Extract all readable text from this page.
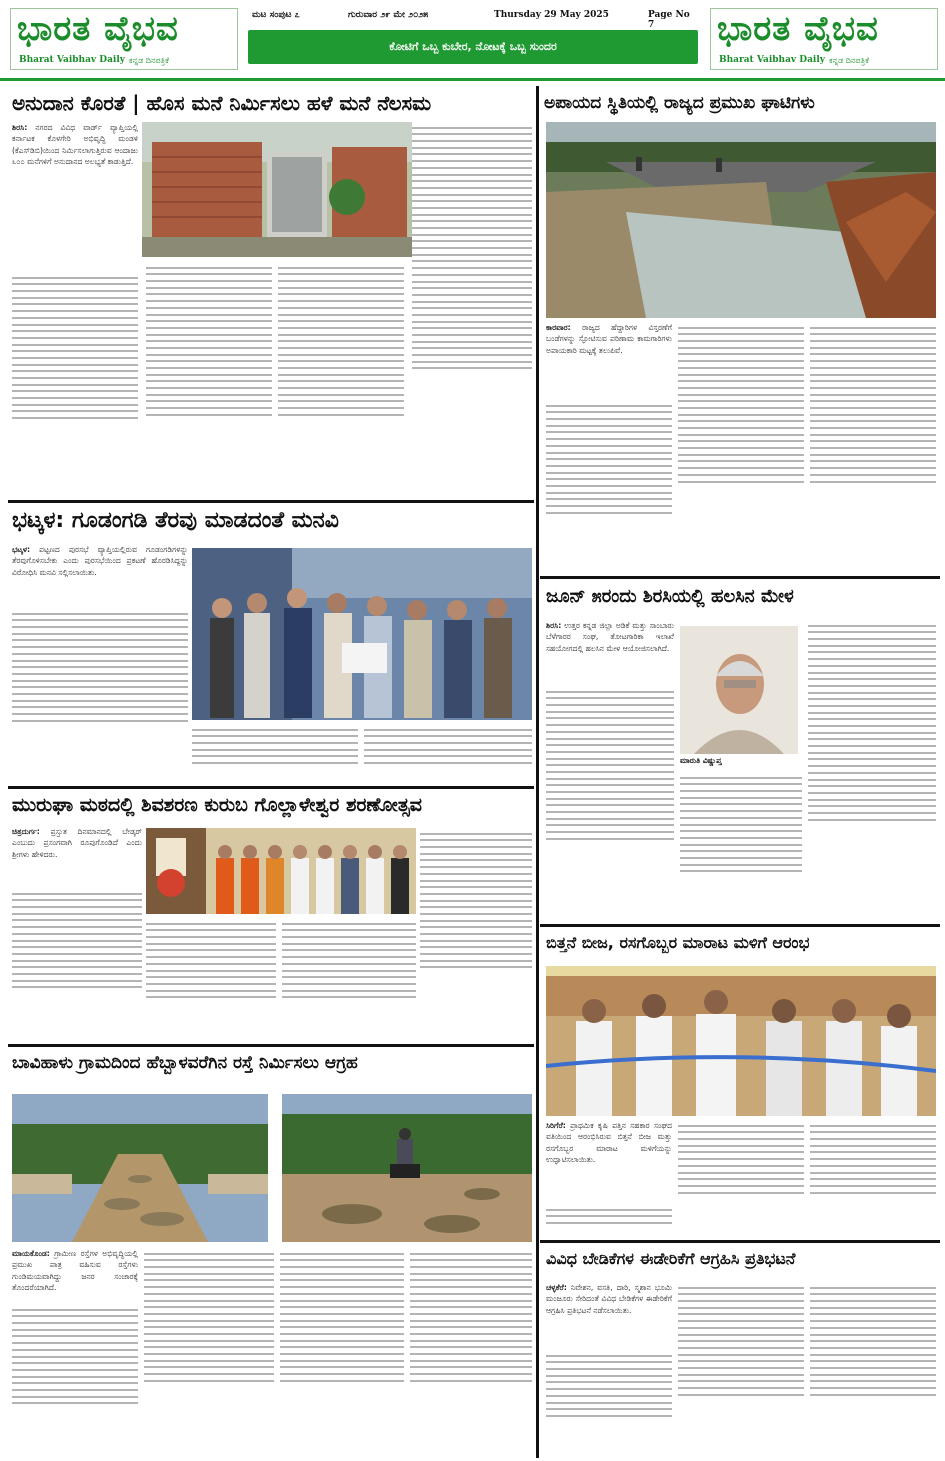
ಭಾರತ ವೈಭವ
Bharat Vaibhav Daily ಕನ್ನಡ ದಿನಪತ್ರಿಕೆ
ಮಟ ಸಂಪುಟ ೭	ಗುರುವಾರ ೨೯ ಮೇ ೨೦೨೫	Thursday 29 May 2025	Page No 7
ಕೋಟಿಗೆ ಒಬ್ಬ ಕುಬೇರ, ನೋಟಕ್ಕೆ ಒಬ್ಬ ಸುಂದರ	ಭಾರತ ವೈಭವ
Bharat Vaibhav Daily ಕನ್ನಡ ದಿನಪತ್ರಿಕೆ
ಅನುದಾನ ಕೊರತೆ | ಹೊಸ ಮನೆ ನಿರ್ಮಿಸಲು ಹಳೆ ಮನೆ ನೆಲಸಮ
ಶಿರಸಿ: ನಗರದ ವಿವಿಧ ವಾರ್ಡ್ ವ್ಯಾಪ್ತಿಯಲ್ಲಿ ಕರ್ನಾಟಕ ಕೊಳಗೇರಿ ಅಭಿವೃದ್ಧಿ ಮಂಡಳಿ (ಕೆಎಸ್‌ಡಿಬಿ)ಯಿಂದ ನಿರ್ಮಿಸಲಾಗುತ್ತಿರುವ ಆಂದಾಜು ೬೦೦ ಮನೆಗಳಿಗೆ ಅನುದಾನದ ಅಲಭ್ಯತೆ ಕಾಡುತ್ತಿದೆ.
ಭಟ್ಕಳ: ಗೂಡಂಗಡಿ ತೆರವು ಮಾಡದಂತೆ ಮನವಿ
ಭಟ್ಕಳ: ಪಟ್ಟಣದ ಪುರಸಭೆ ವ್ಯಾಪ್ತಿಯಲ್ಲಿರುವ ಗೂಡಂಗಡಿಗಳನ್ನು ತೆರವುಗೊಳಿಸಬೇಕು ಎಂದು ಪುರಸಭೆಯಿಂದ ಪ್ರಕಟಣೆ ಹೊರಡಿಸಿದ್ದನ್ನು ವಿರೋಧಿಸಿ ಮನವಿ ಸಲ್ಲಿಸಲಾಯಿತು.
ಮುರುಘಾ ಮಠದಲ್ಲಿ ಶಿವಶರಣ ಕುರುಬ ಗೊಲ್ಲಾಳೇಶ್ವರ ಶರಣೋತ್ಸವ
ಚಿತ್ರದುರ್ಗ: ಪ್ರಸ್ತುತ ದಿನಮಾನದಲ್ಲಿ ಬೇಡ್ಕರ್ ಎಂಬುದು ಪ್ರಸಂಗವಾಗಿ ರೂಪುಗೊಂಡಿದೆ ಎಂದು ಶ್ರೀಗಳು ಹೇಳಿದರು.
ಬಾವಿಹಾಳು ಗ್ರಾಮದಿಂದ ಹೆಬ್ಬಾಳವರೆಗಿನ ರಸ್ತೆ ನಿರ್ಮಿಸಲು ಆಗ್ರಹ
ಮಾಯಕೊಂಡ: ಗ್ರಾಮೀಣ ರಸ್ತೆಗಳ ಅಭಿವೃದ್ಧಿಯಲ್ಲಿ ಪ್ರಮುಖ ಪಾತ್ರ ವಹಿಸುವ ರಸ್ತೆಗಳು ಗುಂಡಿಮಯವಾಗಿದ್ದು ಜನರ ಸಂಚಾರಕ್ಕೆ ತೊಂದರೆಯಾಗಿದೆ.
ಅಪಾಯದ ಸ್ಥಿತಿಯಲ್ಲಿ ರಾಜ್ಯದ ಪ್ರಮುಖ ಘಾಟಿಗಳು
ಕಾರವಾರ: ರಾಜ್ಯದ ಹೆದ್ದಾರಿಗಳ ವಿಸ್ತರಣೆಗೆ ಬಂಡೆಗಳನ್ನು ಸ್ಫೋಟಿಸುವ ಪರಿಣಾಮ ಕಾಮಗಾರಿಗಳು ಅಪಾಯಕಾರಿ ಮಟ್ಟಕ್ಕೆ ತಲುಪಿವೆ.
ಜೂನ್ ೫ರಂದು ಶಿರಸಿಯಲ್ಲಿ ಹಲಸಿನ ಮೇಳ
ಶಿರಸಿ: ಉತ್ತರ ಕನ್ನಡ ಜಿಲ್ಲಾ ಅಡಿಕೆ ಮತ್ತು ಸಾಂಬಾರು ಬೆಳೆಗಾರರ ಸಂಘ, ತೋಟಗಾರಿಕಾ ಇಲಾಖೆ ಸಹಯೋಗದಲ್ಲಿ ಹಲಸಿನ ಮೇಳ ಆಯೋಜಿಸಲಾಗಿದೆ.
ಮಾರುತಿ ವಿಷ್ಣುಪ್ತ
ಬಿತ್ತನೆ ಬೀಜ, ರಸಗೊಬ್ಬರ ಮಾರಾಟ ಮಳಿಗೆ ಆರಂಭ
ಸಿರಿಗೆರೆ: ಪ್ರಾಥಮಿಕ ಕೃಷಿ ಪತ್ತಿನ ಸಹಕಾರ ಸಂಘದ ವತಿಯಿಂದ ಆರಂಭಿಸಿರುವ ಬಿತ್ತನೆ ಬೀಜ ಮತ್ತು ರಸಗೊಬ್ಬರ ಮಾರಾಟ ಮಳಿಗೆಯನ್ನು ಉದ್ಘಾಟಿಸಲಾಯಿತು.
ವಿವಿಧ ಬೇಡಿಕೆಗಳ ಈಡೇರಿಕೆಗೆ ಆಗ್ರಹಿಸಿ ಪ್ರತಿಭಟನೆ
ಚಳ್ಳಕೆರೆ: ನಿವೇಶನ, ವಸತಿ, ದಾರಿ, ಸ್ಮಶಾನ ಭೂಮಿ ಮಂಜೂರು ಸೇರಿದಂತೆ ವಿವಿಧ ಬೇಡಿಕೆಗಳ ಈಡೇರಿಕೆಗೆ ಆಗ್ರಹಿಸಿ ಪ್ರತಿಭಟನೆ ನಡೆಸಲಾಯಿತು.
